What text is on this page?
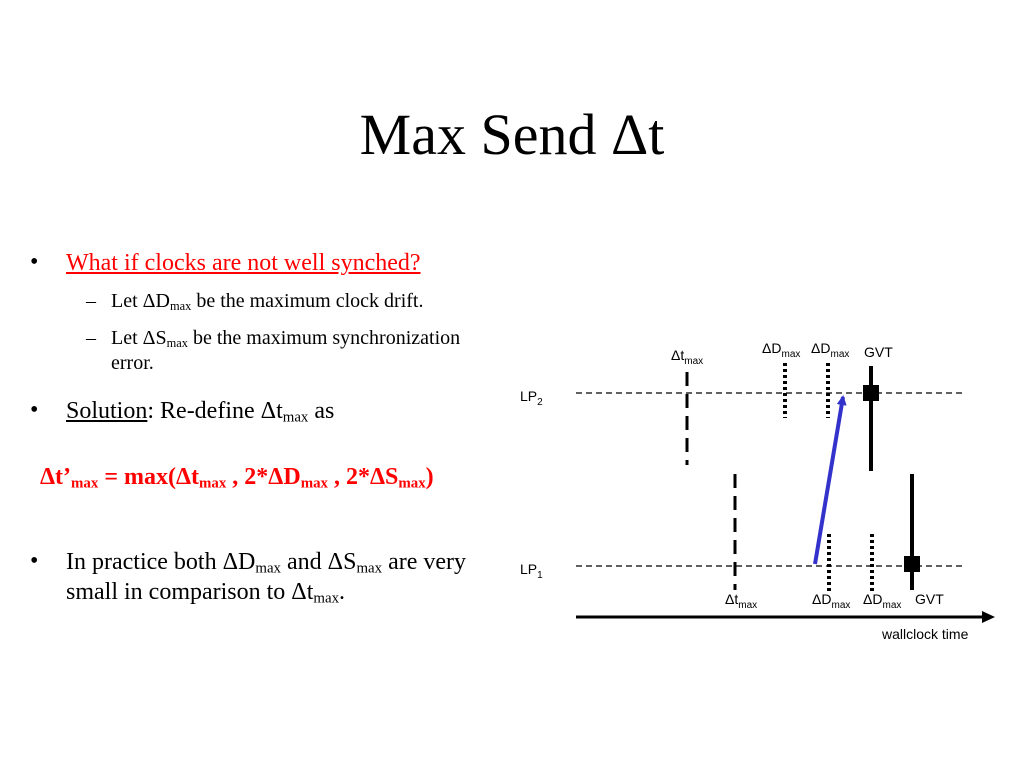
Max Send Δt
• What if clocks are not well synched?
– Let $\Delta D_{max}$ be the maximum clock drift.
– Let $\Delta S_{max}$ be the maximum synchronization
error.
• Solution: Re-define $\Delta t_{max}$ as
$\Delta t’_{max} = \max(\Delta t_{max}$ , $2*\Delta D_{max}$ , $2*\Delta S_{max}$)
• In practice both $\Delta D_{max}$ and $\Delta S_{max}$ are very
small in comparison to $\Delta t_{max}$.
$LP_2$
$LP_1$
wallclock time
$\Delta t_{max}$
$\Delta D_{max}$ $\Delta D_{max}$ GVT
$\Delta t_{max}$	$\Delta D_{max}$ $\Delta D_{max}$ GVT
